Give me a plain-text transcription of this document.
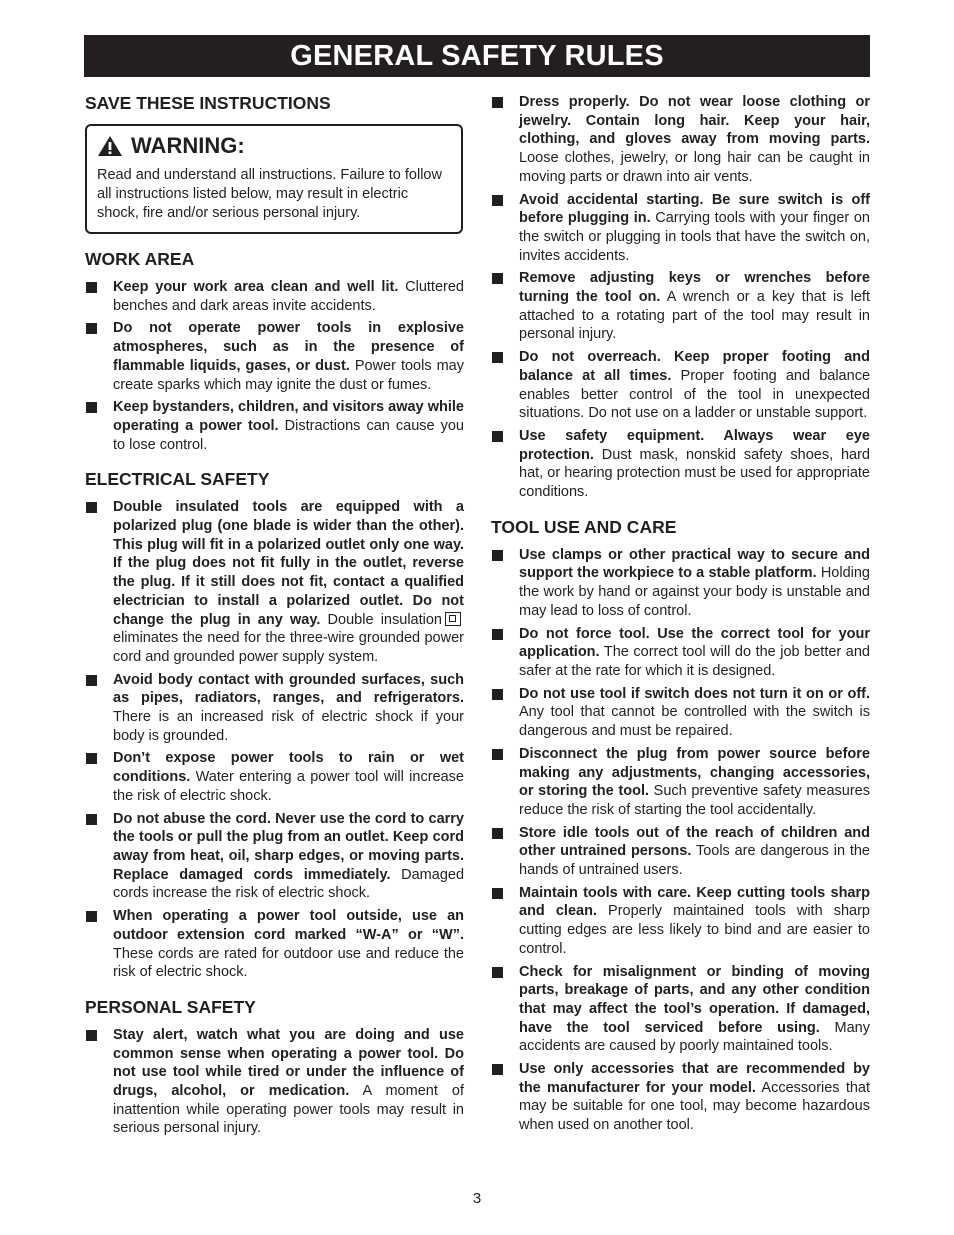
GENERAL SAFETY RULES
SAVE THESE INSTRUCTIONS
WARNING:
Read and understand all instructions. Failure to follow all instructions listed below, may result in electric shock, fire and/or serious personal injury.
WORK AREA
Keep your work area clean and well lit. Cluttered benches and dark areas invite accidents.
Do not operate power tools in explosive atmospheres, such as in the presence of flammable liquids, gases, or dust. Power tools may create sparks which may ignite the dust or fumes.
Keep bystanders, children, and visitors away while operating a power tool. Distractions can cause you to lose control.
ELECTRICAL SAFETY
Double insulated tools are equipped with a polarized plug (one blade is wider than the other). This plug will fit in a polarized outlet only one way. If the plug does not fit fully in the outlet, reverse the plug. If it still does not fit, contact a qualified electrician to install a polarized outlet. Do not change the plug in any way. Double insulation eliminates the need for the three-wire grounded power cord and grounded power supply system.
Avoid body contact with grounded surfaces, such as pipes, radiators, ranges, and refrigerators. There is an increased risk of electric shock if your body is grounded.
Don’t expose power tools to rain or wet conditions. Water entering a power tool will increase the risk of electric shock.
Do not abuse the cord. Never use the cord to carry the tools or pull the plug from an outlet. Keep cord away from heat, oil, sharp edges, or moving parts. Replace damaged cords immediately. Damaged cords increase the risk of electric shock.
When operating a power tool outside, use an outdoor extension cord marked “W-A” or “W”. These cords are rated for outdoor use and reduce the risk of electric shock.
PERSONAL SAFETY
Stay alert, watch what you are doing and use common sense when operating a power tool. Do not use tool while tired or under the influence of drugs, alcohol, or medication. A moment of inattention while operating power tools may result in serious personal injury.
Dress properly. Do not wear loose clothing or jewelry. Contain long hair. Keep your hair, clothing, and gloves away from moving parts. Loose clothes, jewelry, or long hair can be caught in moving parts or drawn into air vents.
Avoid accidental starting. Be sure switch is off before plugging in. Carrying tools with your finger on the switch or plugging in tools that have the switch on, invites accidents.
Remove adjusting keys or wrenches before turning the tool on. A wrench or a key that is left attached to a rotating part of the tool may result in personal injury.
Do not overreach. Keep proper footing and balance at all times. Proper footing and balance enables better control of the tool in unexpected situations. Do not use on a ladder or unstable support.
Use safety equipment. Always wear eye protection. Dust mask, nonskid safety shoes, hard hat, or hearing protection must be used for appropriate conditions.
TOOL USE AND CARE
Use clamps or other practical way to secure and support the workpiece to a stable platform. Holding the work by hand or against your body is unstable and may lead to loss of control.
Do not force tool. Use the correct tool for your application. The correct tool will do the job better and safer at the rate for which it is designed.
Do not use tool if switch does not turn it on or off. Any tool that cannot be controlled with the switch is dangerous and must be repaired.
Disconnect the plug from power source before making any adjustments, changing accessories, or storing the tool. Such preventive safety measures reduce the risk of starting the tool accidentally.
Store idle tools out of the reach of children and other untrained persons. Tools are dangerous in the hands of untrained users.
Maintain tools with care. Keep cutting tools sharp and clean. Properly maintained tools with sharp cutting edges are less likely to bind and are easier to control.
Check for misalignment or binding of moving parts, breakage of parts, and any other condition that may affect the tool’s operation. If damaged, have the tool serviced before using. Many accidents are caused by poorly maintained tools.
Use only accessories that are recommended by the manufacturer for your model. Accessories that may be suitable for one tool, may become hazardous when used on another tool.
3
